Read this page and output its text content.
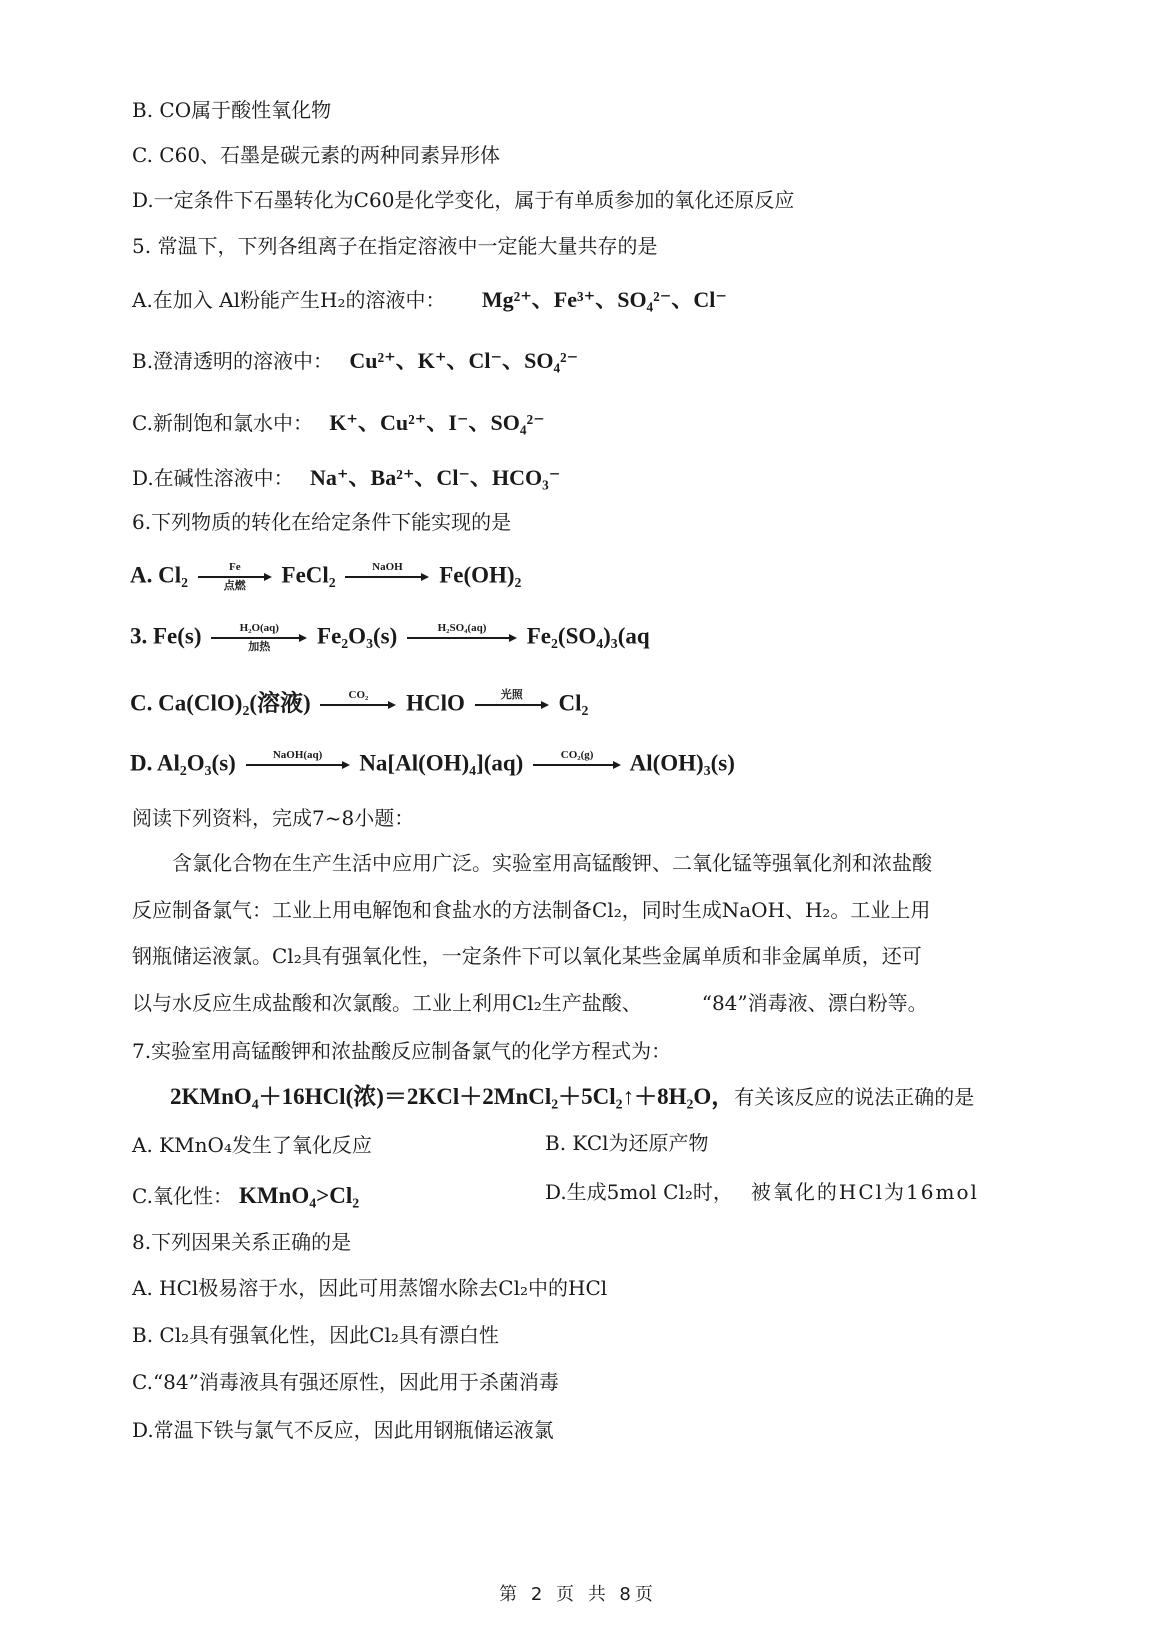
B. CO属于酸性氧化物
C. C60、石墨是碳元素的两种同素异形体
D.一定条件下石墨转化为C60是化学变化，属于有单质参加的氧化还原反应
5. 常温下，下列各组离子在指定溶液中一定能大量共存的是
A.在加入 Al粉能产生H₂的溶液中： Mg²⁺、Fe³⁺、SO₄²⁻、Cl⁻
B.澄清透明的溶液中： Cu²⁺、K⁺、Cl⁻、SO₄²⁻
C.新制饱和氯水中： K⁺、Cu²⁺、I⁻、SO₄²⁻
D.在碱性溶液中： Na⁺、Ba²⁺、Cl⁻、HCO₃⁻
6.下列物质的转化在给定条件下能实现的是
A. Cl₂	Fe
点燃 FeCl₂	NaOH Fe(OH)₂
3. Fe(s)	H₂O(aq)
加热 Fe₂O₃(s)	H₂SO₄(aq) Fe₂(SO₄)₃(aq
C. Ca(ClO)₂(溶液)	CO₂ HClO	光照 Cl₂
D. Al₂O₃(s)	NaOH(aq) Na[Al(OH)₄](aq)	CO₂(g) Al(OH)₃(s)
阅读下列资料，完成7~8小题：
含氯化合物在生产生活中应用广泛。实验室用高锰酸钾、二氧化锰等强氧化剂和浓盐酸
反应制备氯气：工业上用电解饱和食盐水的方法制备Cl₂，同时生成NaOH、H₂。工业上用
钢瓶储运液氯。Cl₂具有强氧化性，一定条件下可以氧化某些金属单质和非金属单质，还可
以与水反应生成盐酸和次氯酸。工业上利用Cl₂生产盐酸、	“84”消毒液、漂白粉等。
7.实验室用高锰酸钾和浓盐酸反应制备氯气的化学方程式为：
2KMnO₄＋16HCl(浓)＝2KCl＋2MnCl₂＋5Cl₂↑＋8H₂O，有关该反应的说法正确的是
A. KMnO₄发生了氧化反应	B. KCl为还原产物
C.氧化性： KMnO₄>Cl₂	D.生成5mol Cl₂时， 被氧化的HCl为16mol
8.下列因果关系正确的是
A. HCl极易溶于水，因此可用蒸馏水除去Cl₂中的HCl
B. Cl₂具有强氧化性，因此Cl₂具有漂白性
C.“84”消毒液具有强还原性，因此用于杀菌消毒
D.常温下铁与氯气不反应，因此用钢瓶储运液氯
第 2 页 共 8页
